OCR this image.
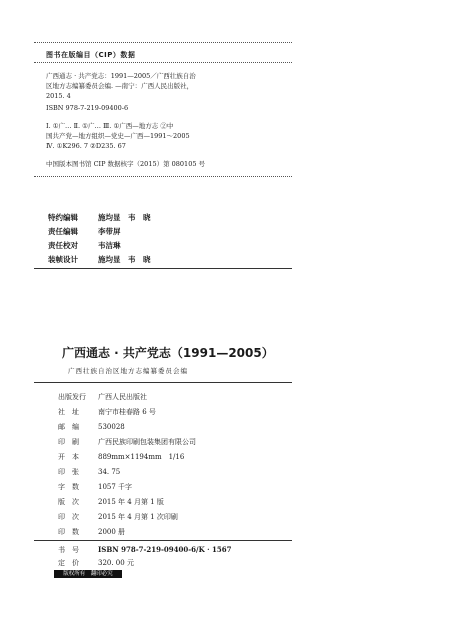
图书在版编目（CIP）数据
广西通志 · 共产党志：1991—2005／广西壮族自治
区地方志编纂委员会编. —南宁：广西人民出版社，
2015. 4
ISBN 978-7-219-09400-6
Ⅰ. ①广… Ⅱ. ①广… Ⅲ. ①广西—地方志 ②中
国共产党—地方组织—党史—广西—1991～2005
Ⅳ. ①K296. 7 ②D235. 67
中国版本图书馆 CIP 数据核字（2015）第 080105 号
特约编辑	施均显　韦　晓
责任编辑	李带屏
责任校对	韦洁琳
装帧设计	施均显　韦　晓
广西通志 · 共产党志（1991—2005）
广西壮族自治区地方志编纂委员会编
出版发行 广西人民出版社
社　址	南宁市桂春路 6 号
邮　编	530028
印　刷	广西民族印刷包装集团有限公司
开　本	889mm×1194mm　1/16
印　张	34. 75
字　数	1057 千字
版　次	2015 年 4 月第 1 版
印　次	2015 年 4 月第 1 次印刷
印　数	2000 册
书　号	ISBN 978-7-219-09400-6/K · 1567
定　价	320. 00 元
版权所有　翻印必究
